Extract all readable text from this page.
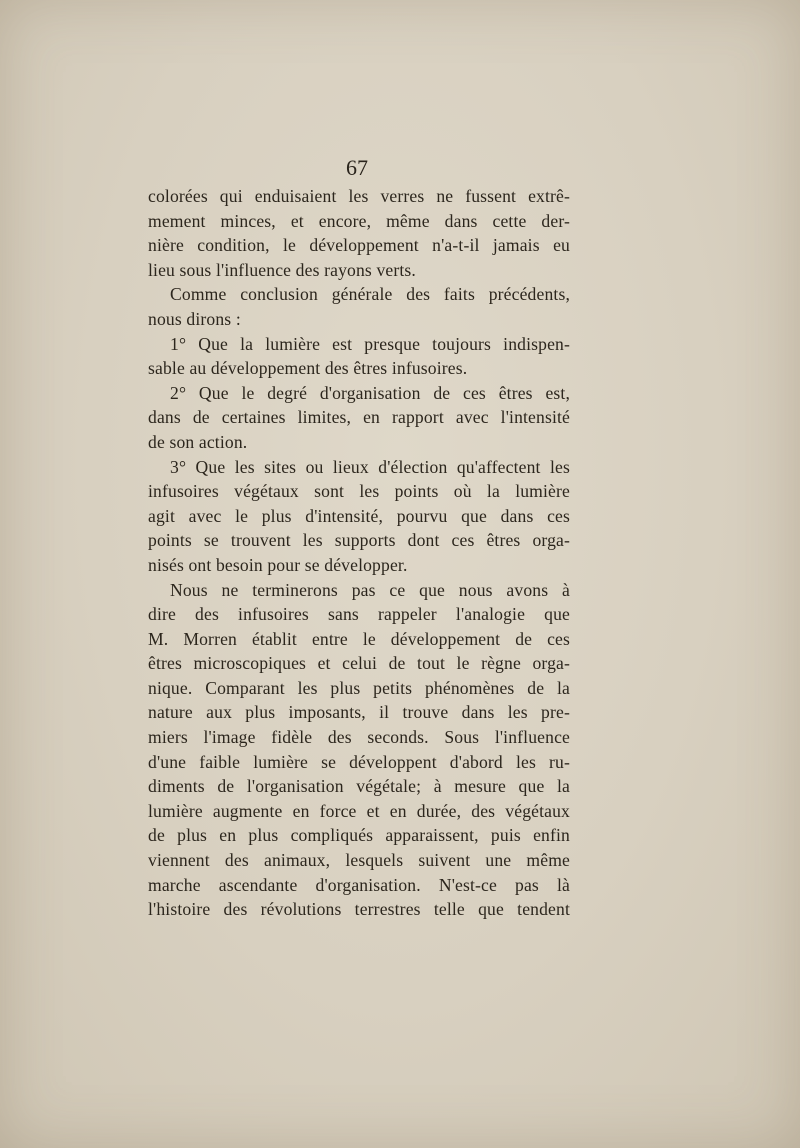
67
colorées qui enduisaient les verres ne fussent extrê-
mement minces, et encore, même dans cette der-
nière condition, le développement n'a-t-il jamais eu
lieu sous l'influence des rayons verts.
Comme conclusion générale des faits précédents,
nous dirons :
1° Que la lumière est presque toujours indispen-
sable au développement des êtres infusoires.
2° Que le degré d'organisation de ces êtres est,
dans de certaines limites, en rapport avec l'intensité
de son action.
3° Que les sites ou lieux d'élection qu'affectent les
infusoires végétaux sont les points où la lumière
agit avec le plus d'intensité, pourvu que dans ces
points se trouvent les supports dont ces êtres orga-
nisés ont besoin pour se développer.
Nous ne terminerons pas ce que nous avons à
dire des infusoires sans rappeler l'analogie que
M. Morren établit entre le développement de ces
êtres microscopiques et celui de tout le règne orga-
nique. Comparant les plus petits phénomènes de la
nature aux plus imposants, il trouve dans les pre-
miers l'image fidèle des seconds. Sous l'influence
d'une faible lumière se développent d'abord les ru-
diments de l'organisation végétale; à mesure que la
lumière augmente en force et en durée, des végétaux
de plus en plus compliqués apparaissent, puis enfin
viennent des animaux, lesquels suivent une même
marche ascendante d'organisation. N'est-ce pas là
l'histoire des révolutions terrestres telle que tendent
